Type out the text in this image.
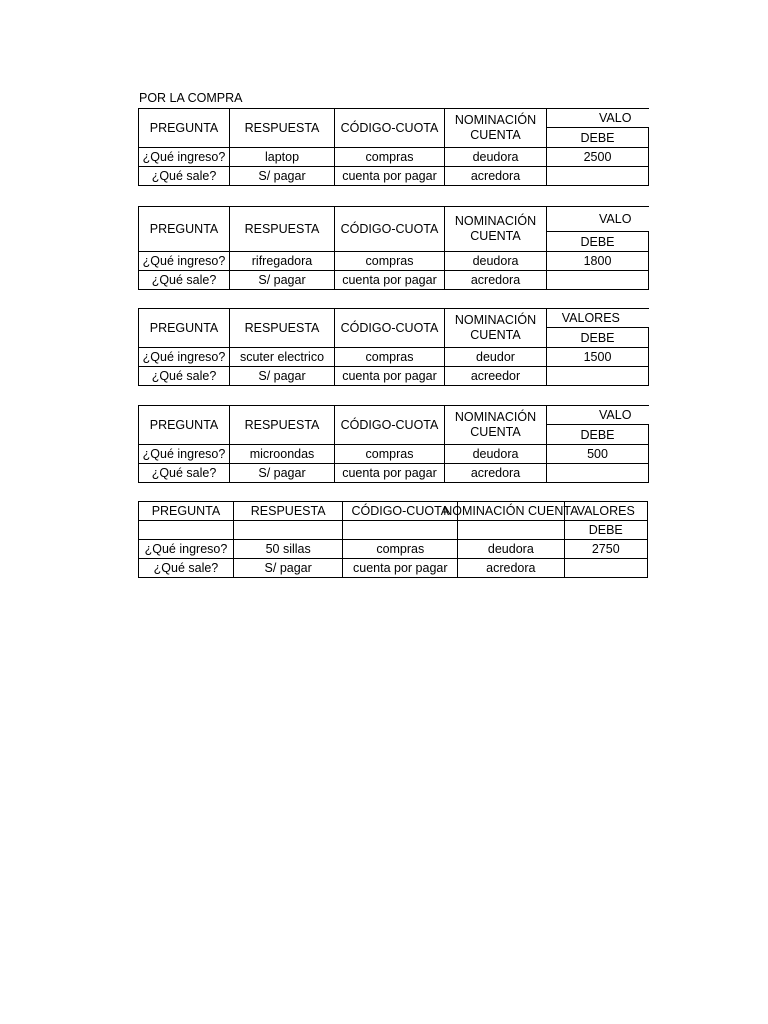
POR LA COMPRA
PREGUNTA	RESPUESTA	CÓDIGO-CUOTA	NOMINACIÓN CUENTA	VALO
				DEBE
¿Qué ingreso?	laptop	compras	deudora	2500
¿Qué sale?	S/ pagar	cuenta por pagar	acredora	
PREGUNTA	RESPUESTA	CÓDIGO-CUOTA	NOMINACIÓN CUENTA	VALO
				DEBE
¿Qué ingreso?	rifregadora	compras	deudora	1800
¿Qué sale?	S/ pagar	cuenta por pagar	acredora	
PREGUNTA	RESPUESTA	CÓDIGO-CUOTA	NOMINACIÓN CUENTA	VALORES
				DEBE
¿Qué ingreso?	scuter electrico	compras	deudor	1500
¿Qué sale?	S/ pagar	cuenta por pagar	acreedor	
PREGUNTA	RESPUESTA	CÓDIGO-CUOTA	NOMINACIÓN CUENTA	VALO
				DEBE
¿Qué ingreso?	microondas	compras	deudora	500
¿Qué sale?	S/ pagar	cuenta por pagar	acredora	
PREGUNTA	RESPUESTA	CÓDIGO-CUOTA	NOMINACIÓN CUENTA	VALORES
				DEBE
¿Qué ingreso?	50 sillas	compras	deudora	2750
¿Qué sale?	S/ pagar	cuenta por pagar	acredora	
